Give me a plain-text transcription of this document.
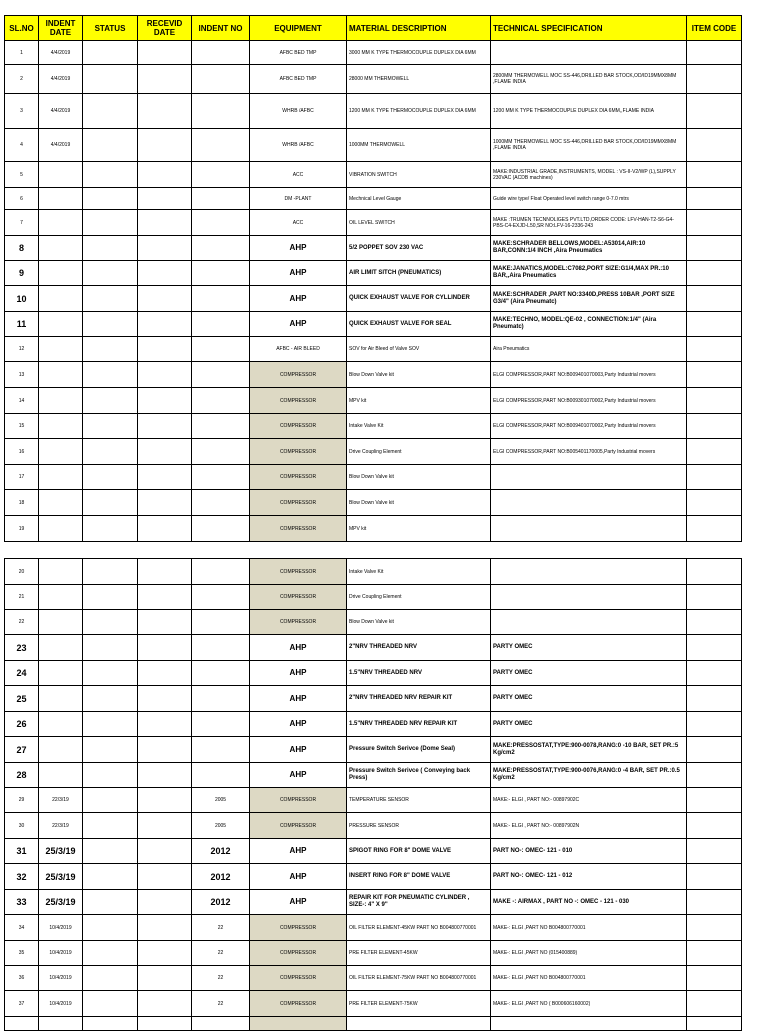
SL.NO	INDENT DATE	STATUS	RECEVID DATE	INDENT NO	EQUIPMENT	MATERIAL DESCRIPTION	TECHNICAL SPECIFICATION	ITEM CODE
1	4/4/2019				AFBC BED TMP	3000 MM K TYPE THERMOCOUPLE DUPLEX DIA 6MM		
2	4/4/2019				AFBC BED TMP	28000 MM THERMOWELL	2800MM THERMOWELL MOC SS-446,DRILLED BAR STOCK,OD/ID19MMX8MM ,FLAME INDIA	
3	4/4/2019				WHRB /AFBC	1200 MM K TYPE THERMOCOUPLE DUPLEX DIA 6MM	1200 MM K TYPE THERMOCOUPLE DUPLEX DIA 6MM,,FLAME INDIA	
4	4/4/2019				WHRB /AFBC	1000MM THERMOWELL	1000MM THERMOWELL MOC SS-446,DRILLED BAR STOCK,OD/ID19MMX8MM ,FLAME INDIA	
5					ACC	VIBRATION SWITCH	MAKE:INDUSTRIAL GRADE,INSTRUMENTS, MODEL : VS-II-V2/WP (L),SUPPLY 230VAC (ACDB machines)	
6					DM -PLANT	Mechnical Level Gauge	Guide wire type/ Float Operated level switch range 0-7.0 mtrs	
7					ACC	OIL LEVEL SWITCH	MAKE :TRUMEN TECNNOLIGES PVT.LTD,ORDER CODE: LFV-HAN-T2-S6-G4-PBS-C4-EXJD-L50,SR NO:LFV-16-2336-243	
8					AHP	5/2 POPPET SOV 230 VAC	MAKE:SCHRADER BELLOWS,MODEL:A53014,AIR:10 BAR,CONN:1/4 INCH ,Aira Pneumatics	
9					AHP	AIR LIMIT SITCH (PNEUMATICS)	MAKE:JANATICS,MODEL:C7082,PORT SIZE:G1/4,MAX PR.:10 BAR,,Aira Pneumatics	
10					AHP	QUICK EXHAUST VALVE FOR CYLLINDER	MAKE:SCHRADER ,PART NO:3340D,PRESS 10BAR ,PORT SIZE G3/4" (Aira Pneumatc)	
11					AHP	QUICK EXHAUST VALVE FOR SEAL	MAKE:TECHNO, MODEL:QE-02 , CONNECTION:1/4" (Aira Pneumatc)	
12					AFBC - AIR BLEED	SOV for Air Bleed of Valve SOV	Aira Pneumatics	
13					COMPRESSOR	Blow Down Valve kit	ELGI COMPRESSOR,PART NO:B009401070003,Party Industrial movers	
14					COMPRESSOR	MPV kit	ELGI COMPRESSOR,PART NO:B009301070002,Party Industrial movers	
15					COMPRESSOR	Intake Valve Kit	ELGI COMPRESSOR,PART NO:B009401070002,Party Industrial movers	
16					COMPRESSOR	Drive Coupling Element	ELGI COMPRESSOR,PART NO:B005401170005,Party Industrial movers	
17					COMPRESSOR	Blow Down Valve kit		
18					COMPRESSOR	Blow Down Valve kit		
19					COMPRESSOR	MPV kit		
20					COMPRESSOR	Intake Valve Kit		
21					COMPRESSOR	Drive Coupling Element		
22					COMPRESSOR	Blow Down Valve kit		
23					AHP	2"NRV THREADED NRV	PARTY OMEC	
24					AHP	1.5"NRV THREADED NRV	PARTY OMEC	
25					AHP	2"NRV THREADED NRV REPAIR KIT	PARTY OMEC	
26					AHP	1.5"NRV THREADED NRV REPAIR KIT	PARTY OMEC	
27					AHP	Pressure Switch Serivce (Dome Seal)	MAKE:PRESSOSTAT,TYPE:900-0078,RANG:0 -10 BAR, SET PR.:5 Kg/cm2	
28					AHP	Pressure Switch Serivce ( Conveying back Press)	MAKE:PRESSOSTAT,TYPE:900-0076,RANG:0 -4 BAR, SET PR.:0.5 Kg/cm2	
29	22/3/19			2005	COMPRESSOR	TEMPERATURE SENSOR	MAKE:- ELGI , PART NO:- 00897902C	
30	22/3/19			2005	COMPRESSOR	PRESSURE SENSOR	MAKE:- ELGI , PART NO:- 00897902N	
31	25/3/19			2012	AHP	SPIGOT RING FOR 8" DOME VALVE	PART NO-: OMEC- 121 - 010	
32	25/3/19			2012	AHP	INSERT RING FOR 8" DOME VALVE	PART NO-: OMEC- 121 - 012	
33	25/3/19			2012	AHP	REPAIR KIT FOR PNEUMATIC CYLINDER , SIZE-: 4" X 9"	MAKE -: AIRMAX , PART NO -: OMEC - 121 - 030	
34	10/4/2019			22	COMPRESSOR	OIL FILTER ELEMENT-45KW PART NO B004800770001	MAKE-: ELGI ,PART NO B004800770001	
35	10/4/2019			22	COMPRESSOR	PRE FILTER ELEMENT-45KW	MAKE-: ELGI ,PART NO (015400889)	
36	10/4/2019			22	COMPRESSOR	OIL FILTER ELEMENT-75KW PART NO B004800770001	MAKE-: ELGI ,PART NO B004800770001	
37	10/4/2019			22	COMPRESSOR	PRE FILTER ELEMENT-75KW	MAKE-: ELGI ,PART NO ( B000606160002)	
